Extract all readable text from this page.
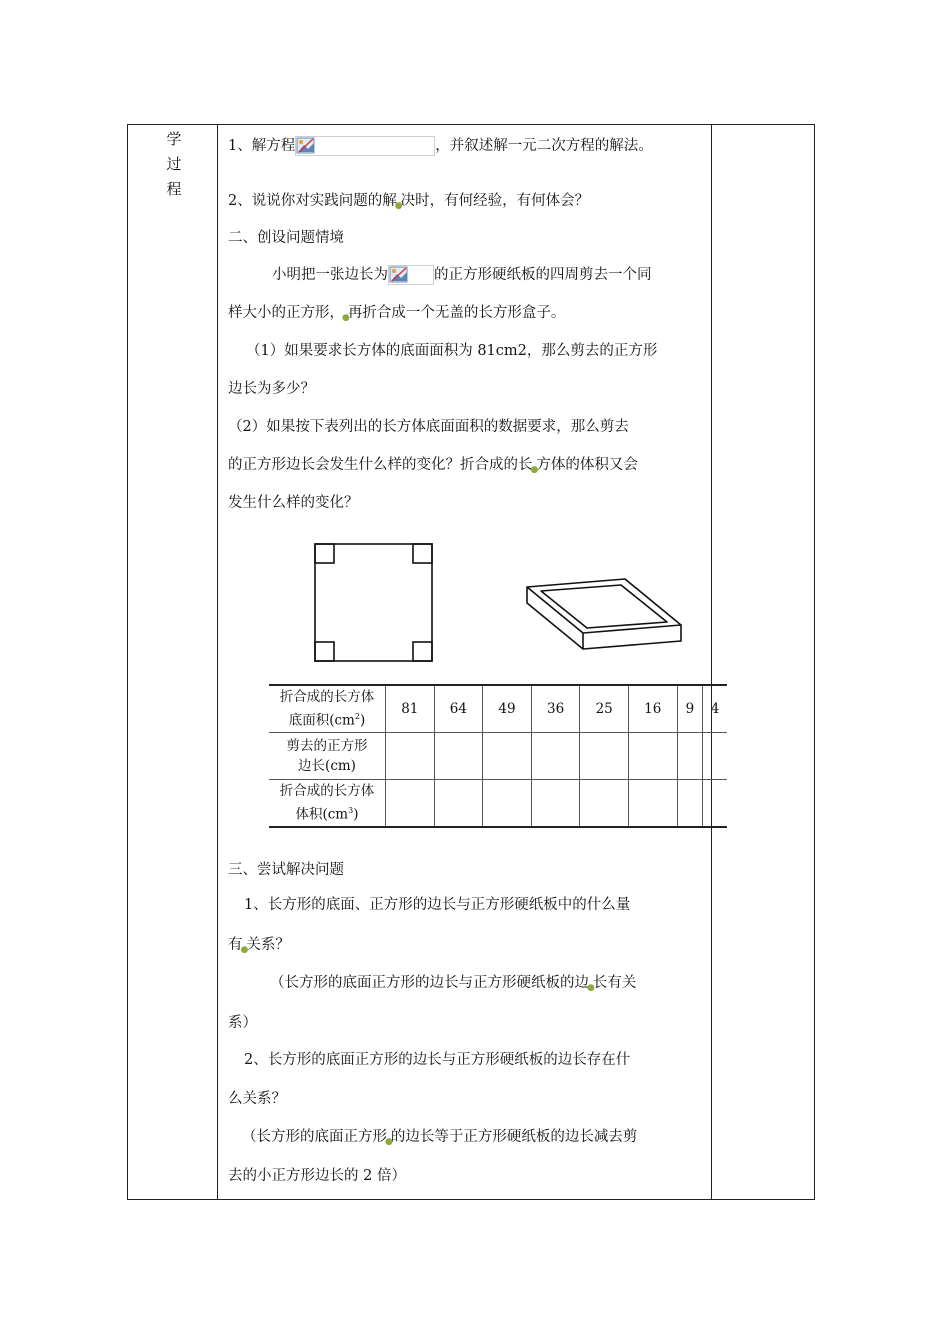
学
过
程
1、解方程	，并叙述解一元二次方程的解法。
2、说说你对实践问题的解$_●$决时，有何经验，有何体会？
二、创设问题情境
小明把一张边长为	的正方形硬纸板的四周剪去一个同
样大小的正方形，$_●$再折合成一个无盖的长方形盒子。
（1）如果要求长方体的底面面积为 81cm2，那么剪去的正方形
边长为多少？
（2）如果按下表列出的长方体底面面积的数据要求，那么剪去
的正方形边长会发生什么样的变化？折合成的长$_●$方体的体积又会
发生什么样的变化？
折合成的长方体
底面积$(cm^2)$	81	64	49	36	25	16	9	4
剪去的正方形
边长(cm)								
折合成的长方体
体积$(cm^3)$								
三、尝试解决问题
1、长方形的底面、正方形的边长与正方形硬纸板中的什么量
有$_●$关系？
（长方形的底面正方形的边长与正方形硬纸板的边$_●$长有关
系）
2、长方形的底面正方形的边长与正方形硬纸板的边长存在什
么关系？
（长方形的底面正方形$_●$的边长等于正方形硬纸板的边长减去剪
去的小正方形边长的 2 倍）
